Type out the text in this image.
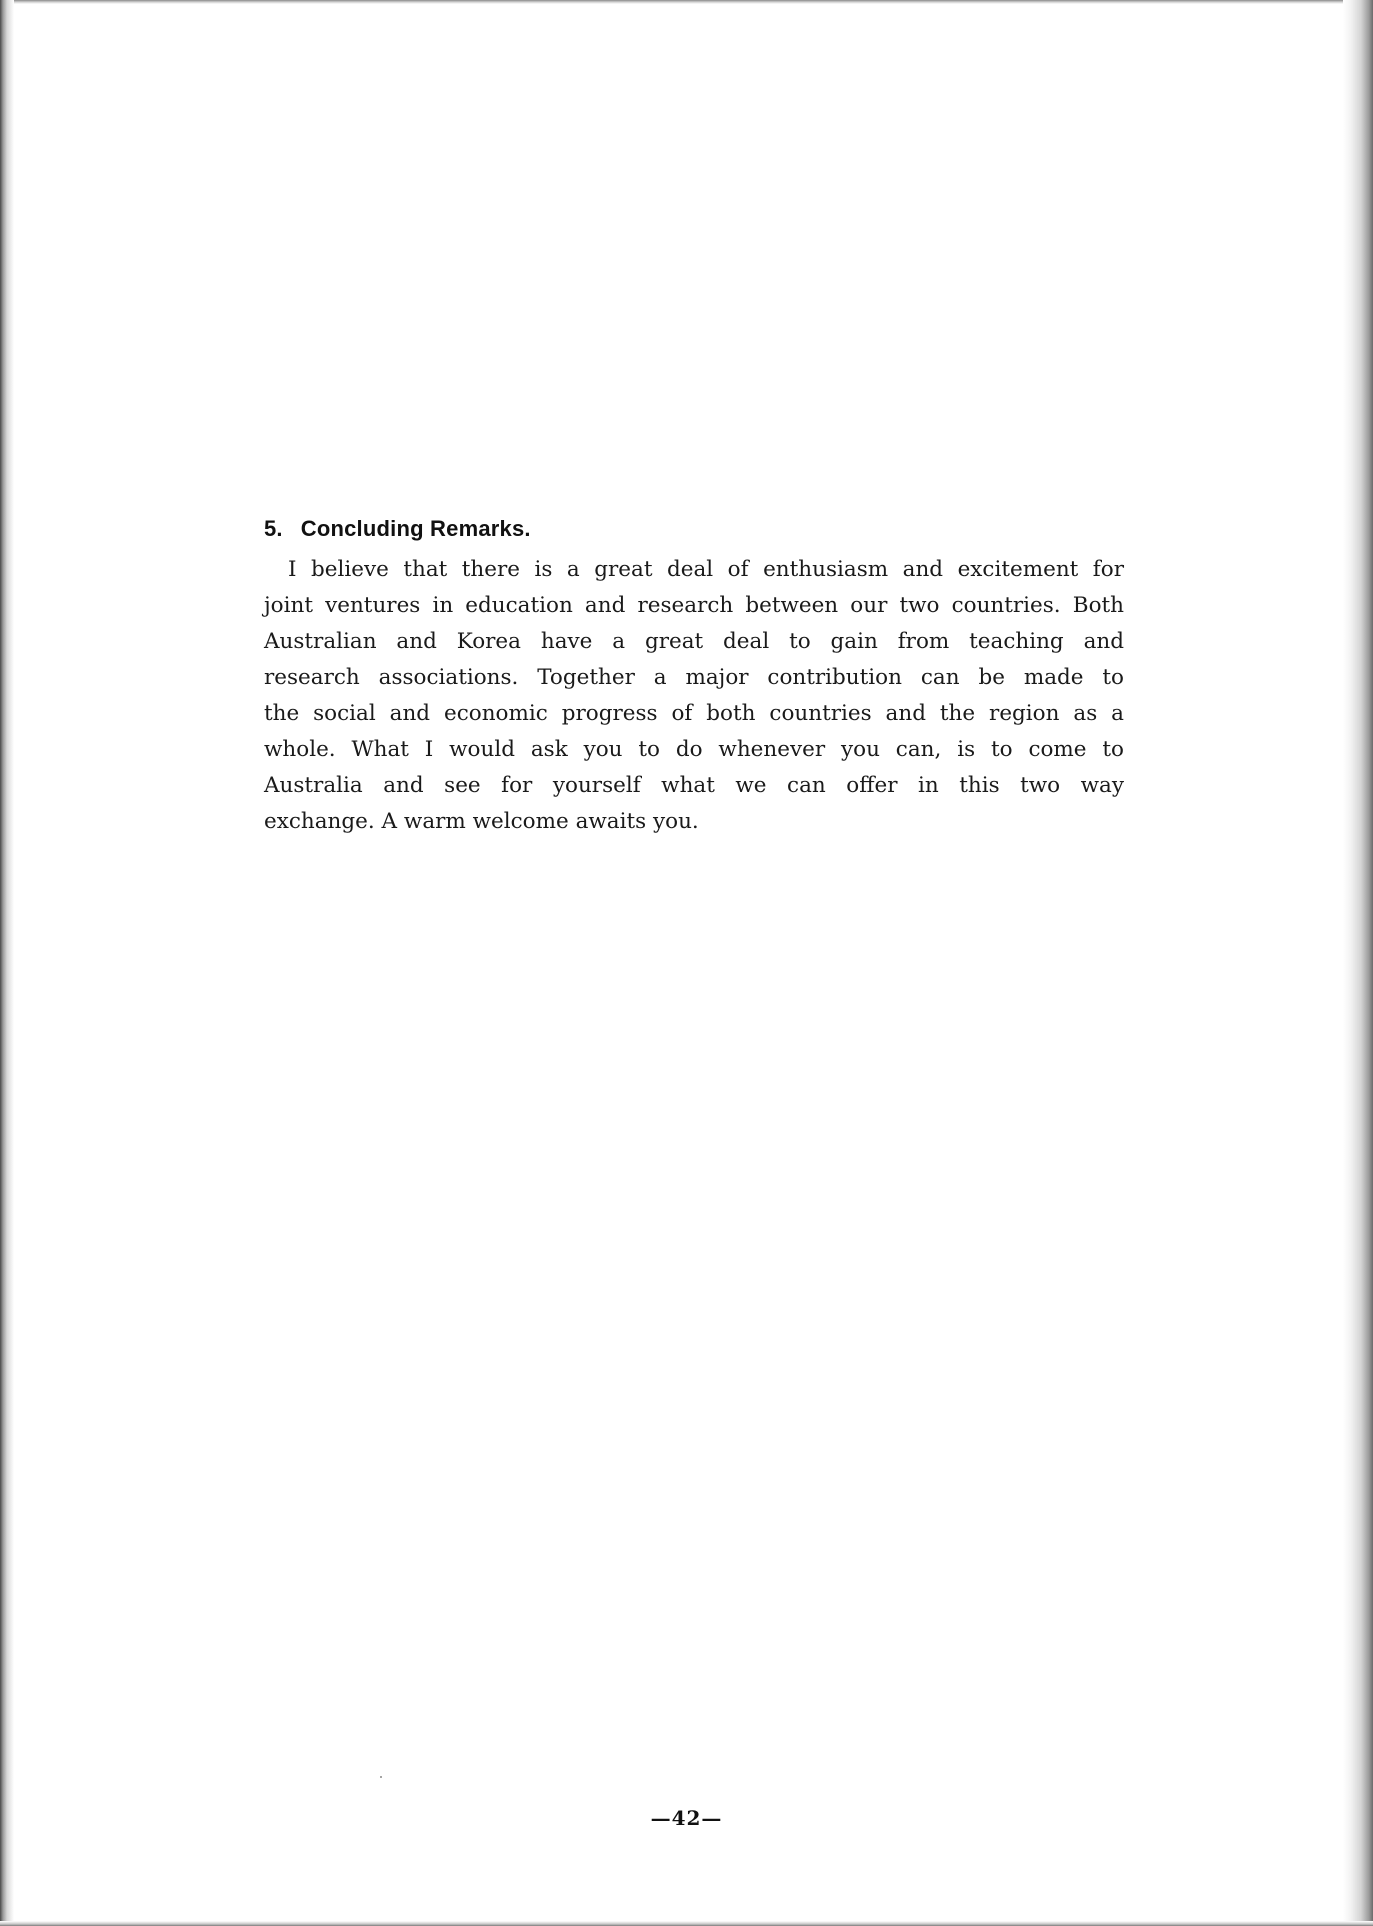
5. Concluding Remarks.
I believe that there is a great deal of enthusiasm and excitement for
joint ventures in education and research between our two countries. Both
Australian and Korea have a great deal to gain from teaching and
research associations. Together a major contribution can be made to
the social and economic progress of both countries and the region as a
whole. What I would ask you to do whenever you can, is to come to
Australia and see for yourself what we can offer in this two way
exchange. A warm welcome awaits you.
—42—
